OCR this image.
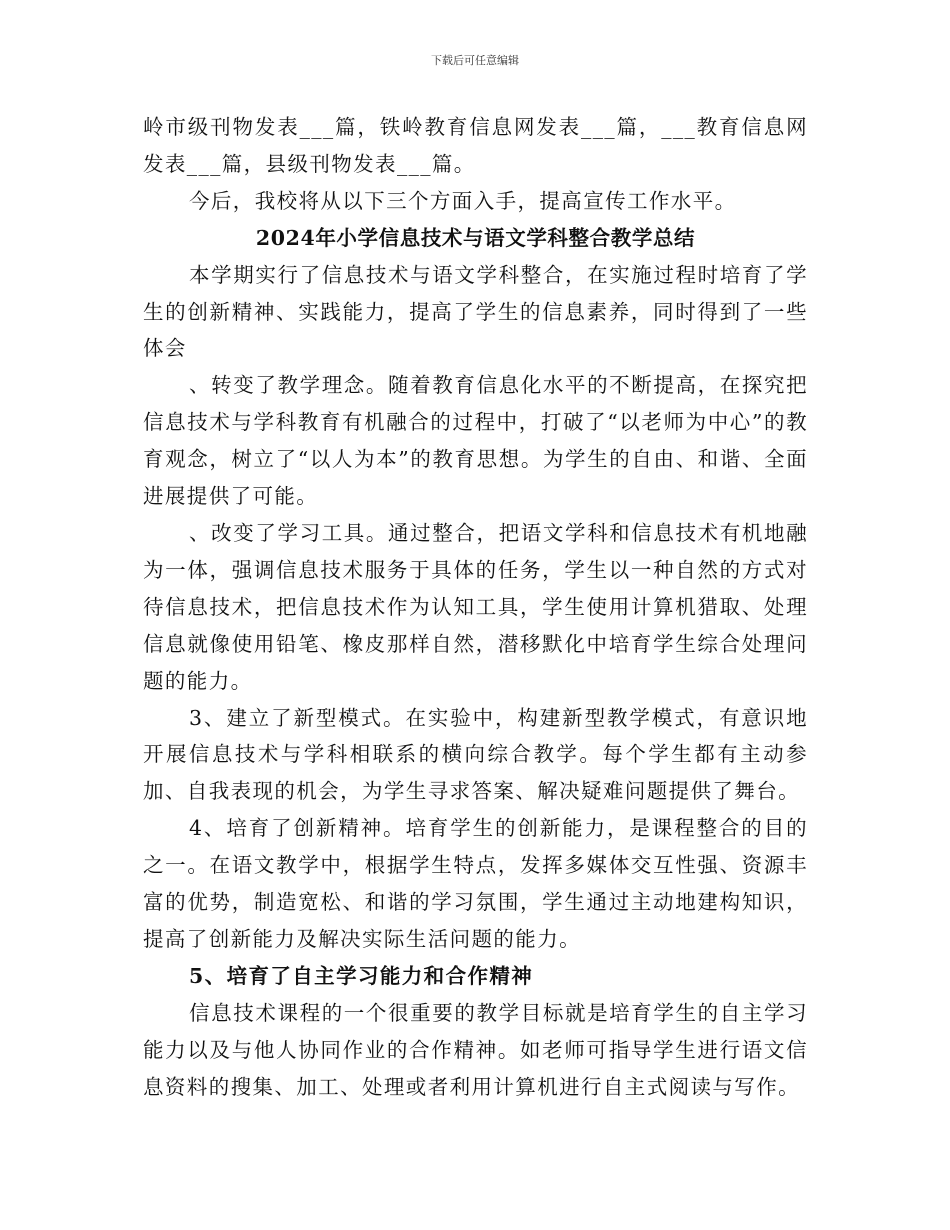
下载后可任意编辑

岭市级刊物发表___篇，铁岭教育信息网发表___篇，___教育信息网发表___篇，县级刊物发表___篇。

今后，我校将从以下三个方面入手，提高宣传工作水平。

2024年小学信息技术与语文学科整合教学总结

本学期实行了信息技术与语文学科整合，在实施过程时培育了学生的创新精神、实践能力，提高了学生的信息素养，同时得到了一些体会

、转变了教学理念。随着教育信息化水平的不断提高，在探究把信息技术与学科教育有机融合的过程中，打破了“以老师为中心”的教育观念，树立了“以人为本”的教育思想。为学生的自由、和谐、全面进展提供了可能。

、改变了学习工具。通过整合，把语文学科和信息技术有机地融为一体，强调信息技术服务于具体的任务，学生以一种自然的方式对待信息技术，把信息技术作为认知工具，学生使用计算机猎取、处理信息就像使用铅笔、橡皮那样自然，潜移默化中培育学生综合处理问题的能力。

3、建立了新型模式。在实验中，构建新型教学模式，有意识地开展信息技术与学科相联系的横向综合教学。每个学生都有主动参加、自我表现的机会，为学生寻求答案、解决疑难问题提供了舞台。

4、培育了创新精神。培育学生的创新能力，是课程整合的目的之一。在语文教学中，根据学生特点，发挥多媒体交互性强、资源丰富的优势，制造宽松、和谐的学习氛围，学生通过主动地建构知识，提高了创新能力及解决实际生活问题的能力。

5、培育了自主学习能力和合作精神

信息技术课程的一个很重要的教学目标就是培育学生的自主学习能力以及与他人协同作业的合作精神。如老师可指导学生进行语文信息资料的搜集、加工、处理或者利用计算机进行自主式阅读与写作。
